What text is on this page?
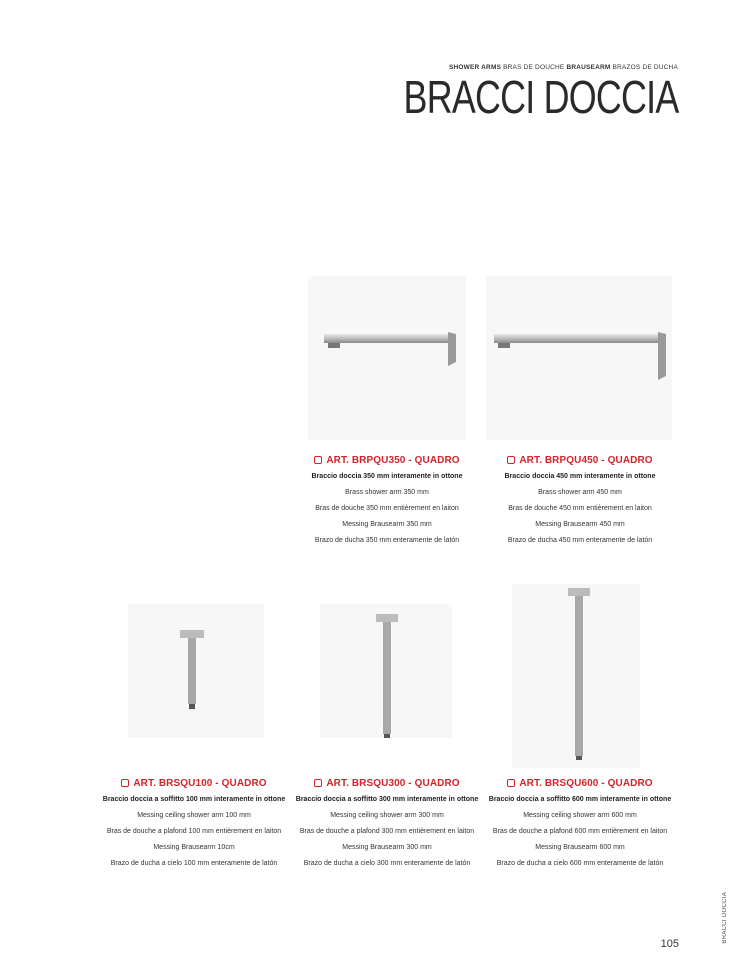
SHOWER ARMS BRAS DE DOUCHE BRAUSEARM BRAZOS DE DUCHA
BRACCI DOCCIA
ART. BRPQU350 - QUADRO
Braccio doccia 350 mm interamente in ottone
Brass shower arm 350 mm
Bras de douche 350 mm entièrement en laiton
Messing Brausearm 350 mm
Brazo de ducha 350 mm enteramente de latón
ART. BRPQU450 - QUADRO
Braccio doccia 450 mm interamente in ottone
Brass shower arm 450 mm
Bras de douche 450 mm entièrement en laiton
Messing Brausearm 450 mm
Brazo de ducha 450 mm enteramente de latón
ART. BRSQU100 - QUADRO
Braccio doccia a soffitto 100 mm interamente in ottone
Messing ceiling shower arm 100 mm
Bras de douche a plafond 100 mm entièrement en laiton
Messing Brausearm 10cm
Brazo de ducha a cielo 100 mm enteramente de latón
ART. BRSQU300 - QUADRO
Braccio doccia a soffitto 300 mm interamente in ottone
Messing ceiling shower arm 300 mm
Bras de douche a plafond 300 mm entièrement en laiton
Messing Brausearm 300 mm
Brazo de ducha a cielo 300 mm enteramente de latón
ART. BRSQU600 - QUADRO
Braccio doccia a soffitto 600 mm interamente in ottone
Messing ceiling shower arm 600 mm
Bras de douche a plafond 600 mm entièrement en laiton
Messing Brausearm 600 mm
Brazo de ducha a cielo 600 mm enteramente de latón
BRACCI DOCCIA
105
